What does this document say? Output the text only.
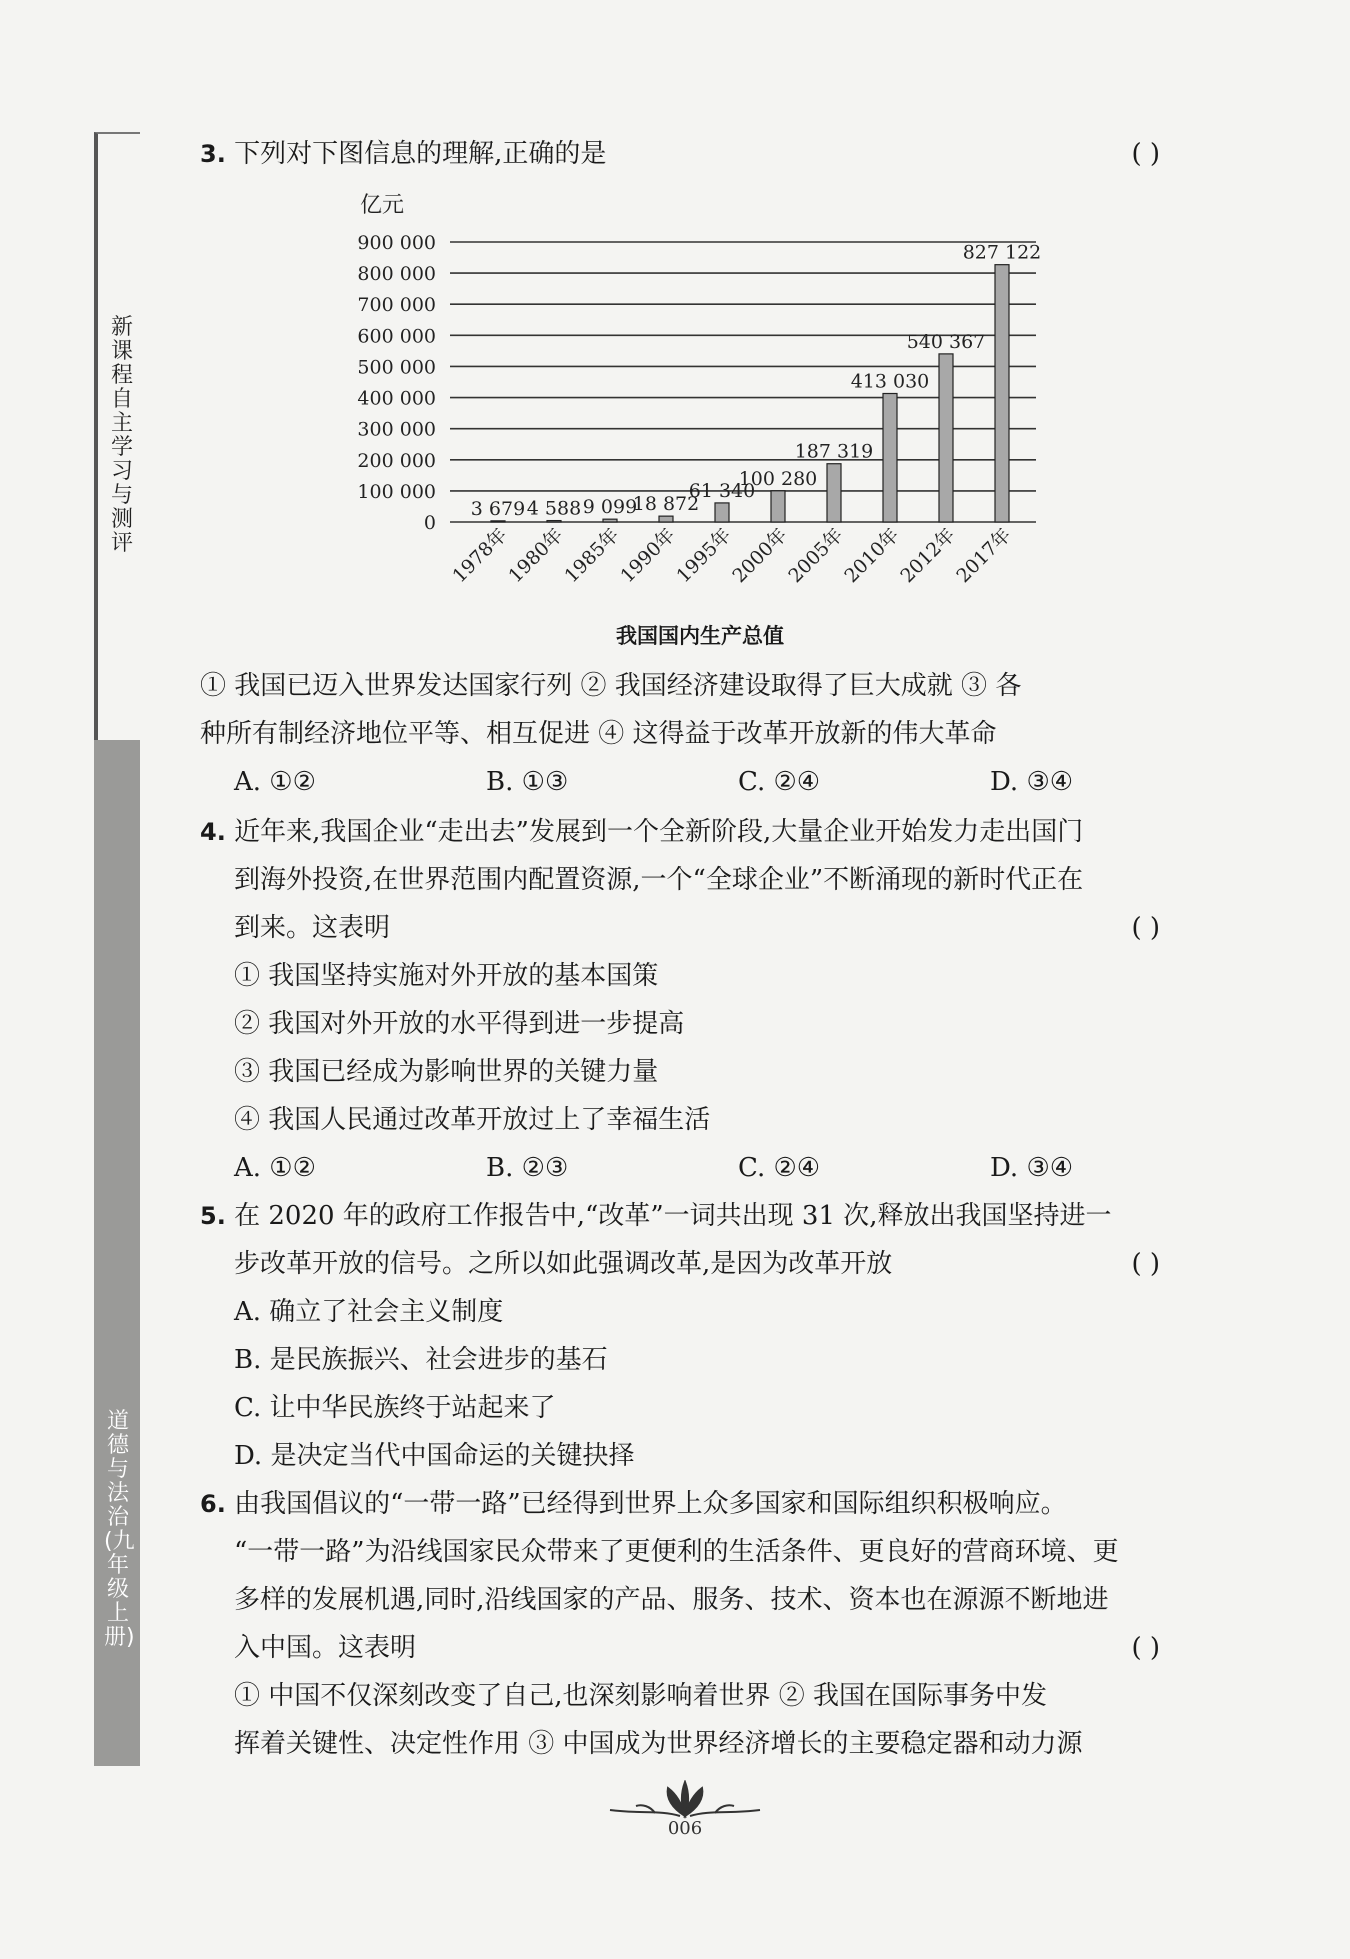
新课程自主学习与测评
道德与法治(九年级上册)
3. 下列对下图信息的理解,正确的是	( )
亿元
0
100 000
200 000
300 000
400 000
500 000
600 000
700 000
800 000
900 000
3 679
1978年
4 588
1980年
9 099
1985年
18 872
1990年
61 340
1995年
100 280
2000年
187 319
2005年
413 030
2010年
540 367
2012年
827 122
2017年
我国国内生产总值
① 我国已迈入世界发达国家行列 ② 我国经济建设取得了巨大成就 ③ 各
种所有制经济地位平等、相互促进 ④ 这得益于改革开放新的伟大革命
A. ①②	B. ①③	C. ②④	D. ③④
4. 近年来,我国企业“走出去”发展到一个全新阶段,大量企业开始发力走出国门
到海外投资,在世界范围内配置资源,一个“全球企业”不断涌现的新时代正在
到来。这表明	( )
① 我国坚持实施对外开放的基本国策
② 我国对外开放的水平得到进一步提高
③ 我国已经成为影响世界的关键力量
④ 我国人民通过改革开放过上了幸福生活
A. ①②	B. ②③	C. ②④	D. ③④
5. 在 2020 年的政府工作报告中,“改革”一词共出现 31 次,释放出我国坚持进一
步改革开放的信号。之所以如此强调改革,是因为改革开放	( )
A. 确立了社会主义制度
B. 是民族振兴、社会进步的基石
C. 让中华民族终于站起来了
D. 是决定当代中国命运的关键抉择
6. 由我国倡议的“一带一路”已经得到世界上众多国家和国际组织积极响应。
“一带一路”为沿线国家民众带来了更便利的生活条件、更良好的营商环境、更
多样的发展机遇,同时,沿线国家的产品、服务、技术、资本也在源源不断地进
入中国。这表明	( )
① 中国不仅深刻改变了自己,也深刻影响着世界 ② 我国在国际事务中发
挥着关键性、决定性作用 ③ 中国成为世界经济增长的主要稳定器和动力源
006
